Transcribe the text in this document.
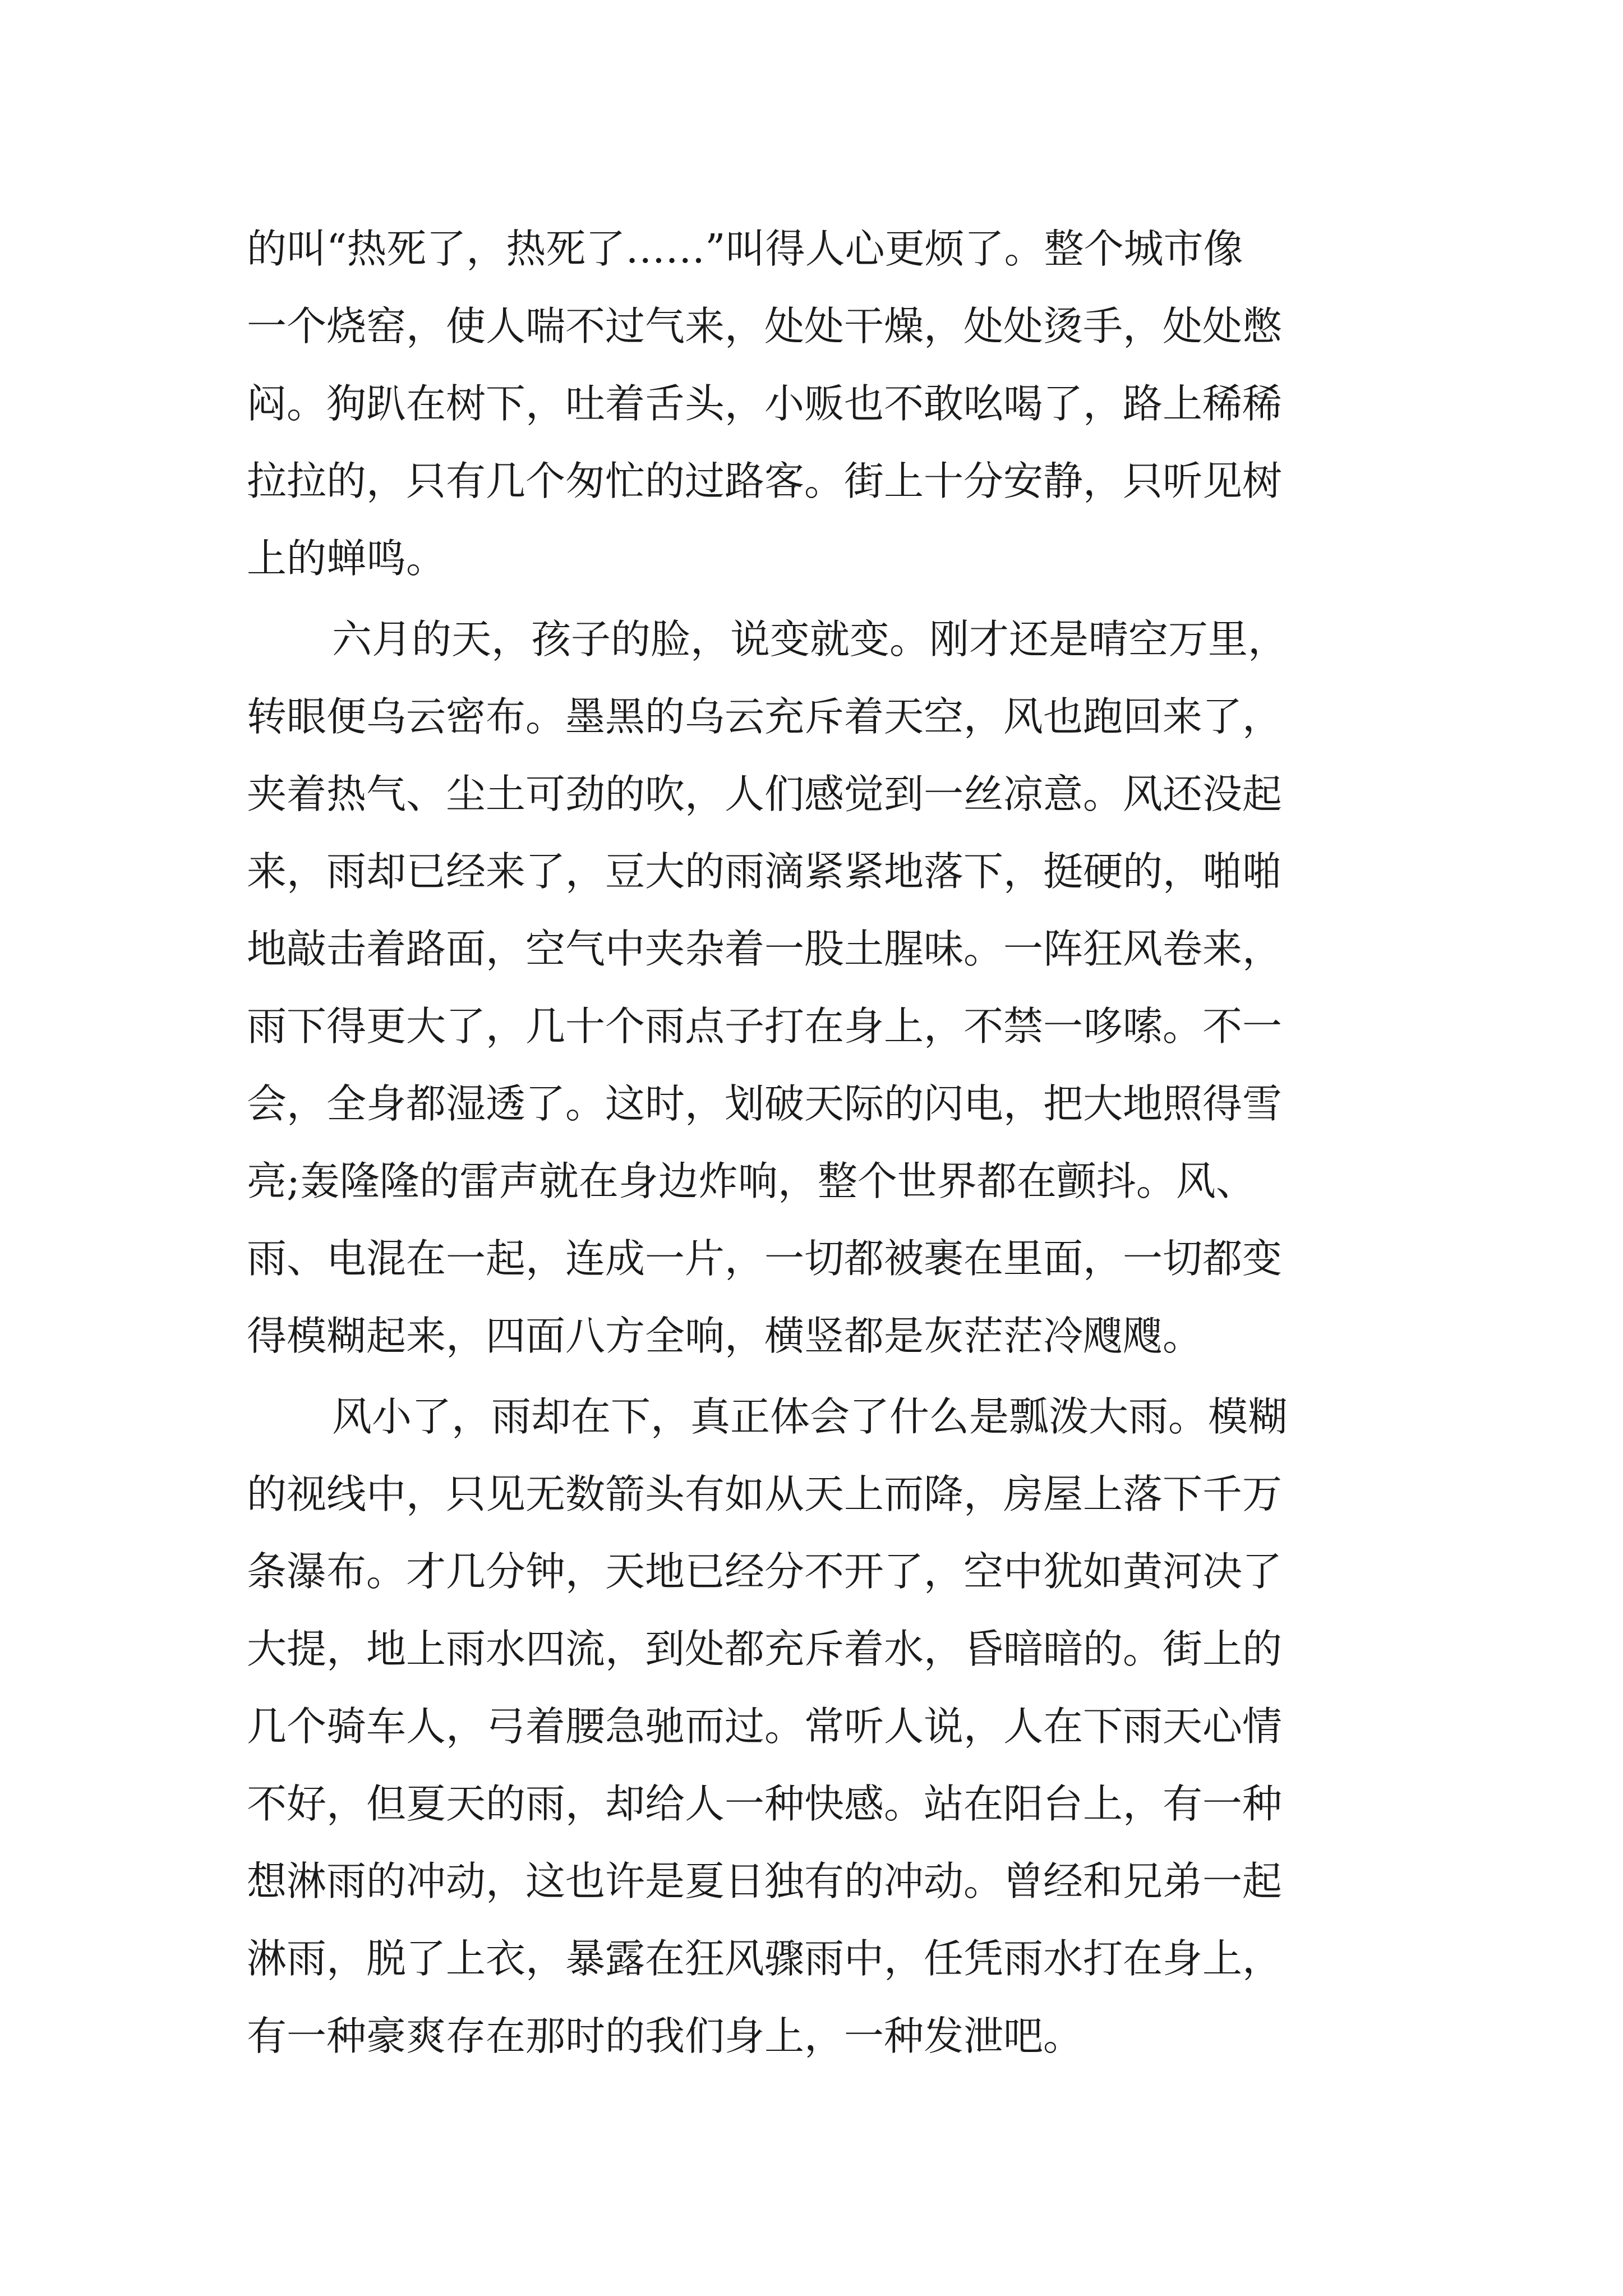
的叫“热死了，热死了……”叫得人心更烦了。整个城市像
一个烧窑，使人喘不过气来，处处干燥，处处烫手，处处憋
闷。狗趴在树下，吐着舌头，小贩也不敢吆喝了，路上稀稀
拉拉的，只有几个匆忙的过路客。街上十分安静，只听见树
上的蝉鸣。
六月的天，孩子的脸，说变就变。刚才还是晴空万里，
转眼便乌云密布。墨黑的乌云充斥着天空，风也跑回来了，
夹着热气、尘土可劲的吹，人们感觉到一丝凉意。风还没起
来，雨却已经来了，豆大的雨滴紧紧地落下，挺硬的，啪啪
地敲击着路面，空气中夹杂着一股土腥味。一阵狂风卷来，
雨下得更大了，几十个雨点子打在身上，不禁一哆嗦。不一
会，全身都湿透了。这时，划破天际的闪电，把大地照得雪
亮;轰隆隆的雷声就在身边炸响，整个世界都在颤抖。风、
雨、电混在一起，连成一片，一切都被裹在里面，一切都变
得模糊起来，四面八方全响，横竖都是灰茫茫冷飕飕。
风小了，雨却在下，真正体会了什么是瓢泼大雨。模糊
的视线中，只见无数箭头有如从天上而降，房屋上落下千万
条瀑布。才几分钟，天地已经分不开了，空中犹如黄河决了
大提，地上雨水四流，到处都充斥着水，昏暗暗的。街上的
几个骑车人，弓着腰急驰而过。常听人说，人在下雨天心情
不好，但夏天的雨，却给人一种快感。站在阳台上，有一种
想淋雨的冲动，这也许是夏日独有的冲动。曾经和兄弟一起
淋雨，脱了上衣，暴露在狂风骤雨中，任凭雨水打在身上，
有一种豪爽存在那时的我们身上，一种发泄吧。
